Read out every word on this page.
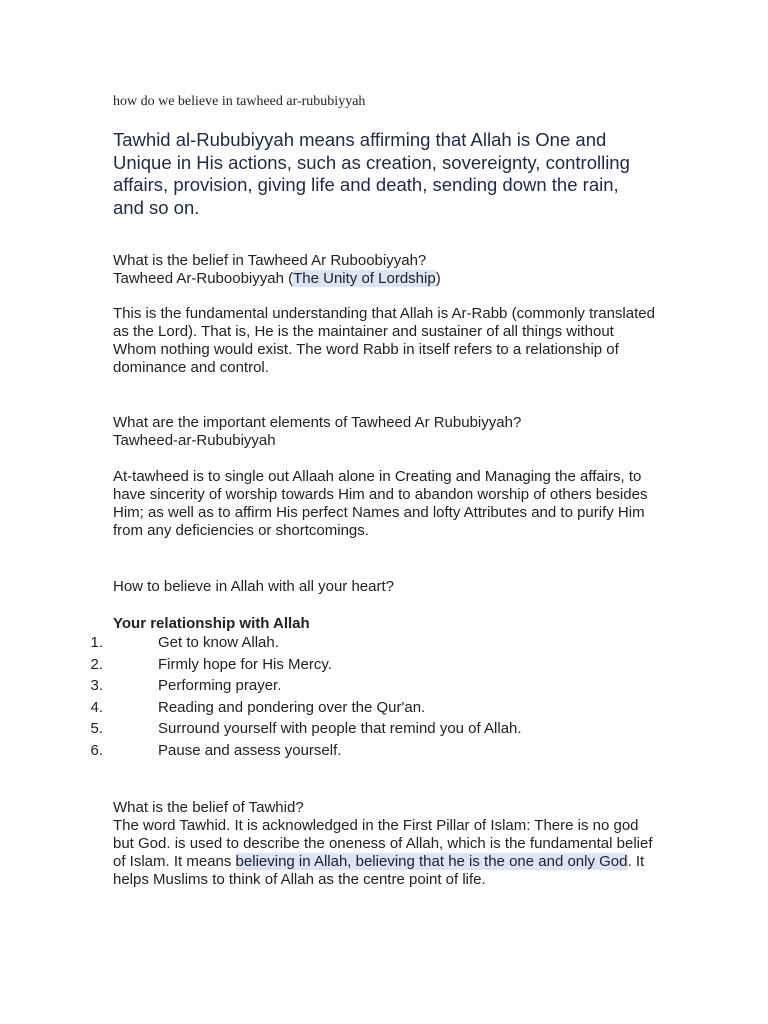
how do we believe in tawheed ar-rububiyyah
Tawhid al-Rububiyyah means affirming that Allah is One and Unique in His actions, such as creation, sovereignty, controlling affairs, provision, giving life and death, sending down the rain, and so on.
What is the belief in Tawheed Ar Ruboobiyyah?
Tawheed Ar-Ruboobiyyah (The Unity of Lordship)
This is the fundamental understanding that Allah is Ar-Rabb (commonly translated as the Lord). That is, He is the maintainer and sustainer of all things without Whom nothing would exist. The word Rabb in itself refers to a relationship of dominance and control.
What are the important elements of Tawheed Ar Rububiyyah?
Tawheed-ar-Rububiyyah
At-tawheed is to single out Allaah alone in Creating and Managing the affairs, to have sincerity of worship towards Him and to abandon worship of others besides Him; as well as to affirm His perfect Names and lofty Attributes and to purify Him from any deficiencies or shortcomings.
How to believe in Allah with all your heart?
Your relationship with Allah
1.	Get to know Allah.
2.	Firmly hope for His Mercy.
3.	Performing prayer.
4.	Reading and pondering over the Qur'an.
5.	Surround yourself with people that remind you of Allah.
6.	Pause and assess yourself.
What is the belief of Tawhid?
The word Tawhid. It is acknowledged in the First Pillar of Islam: There is no god but God. is used to describe the oneness of Allah, which is the fundamental belief of Islam. It means believing in Allah, believing that he is the one and only God. It helps Muslims to think of Allah as the centre point of life.
